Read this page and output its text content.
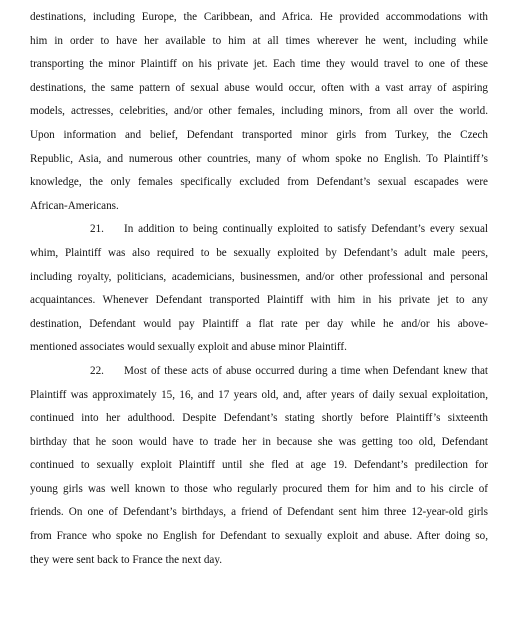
destinations, including Europe, the Caribbean, and Africa. He provided accommodations with
him in order to have her available to him at all times wherever he went, including while
transporting the minor Plaintiff on his private jet. Each time they would travel to one of these
destinations, the same pattern of sexual abuse would occur, often with a vast array of aspiring
models, actresses, celebrities, and/or other females, including minors, from all over the world.
Upon information and belief, Defendant transported minor girls from Turkey, the Czech
Republic, Asia, and numerous other countries, many of whom spoke no English. To Plaintiff’s
knowledge, the only females specifically excluded from Defendant’s sexual escapades were
African-Americans.
21. In addition to being continually exploited to satisfy Defendant’s every sexual
whim, Plaintiff was also required to be sexually exploited by Defendant’s adult male peers,
including royalty, politicians, academicians, businessmen, and/or other professional and personal
acquaintances. Whenever Defendant transported Plaintiff with him in his private jet to any
destination, Defendant would pay Plaintiff a flat rate per day while he and/or his above-
mentioned associates would sexually exploit and abuse minor Plaintiff.
22. Most of these acts of abuse occurred during a time when Defendant knew that
Plaintiff was approximately 15, 16, and 17 years old, and, after years of daily sexual exploitation,
continued into her adulthood. Despite Defendant’s stating shortly before Plaintiff’s sixteenth
birthday that he soon would have to trade her in because she was getting too old, Defendant
continued to sexually exploit Plaintiff until she fled at age 19. Defendant’s predilection for
young girls was well known to those who regularly procured them for him and to his circle of
friends. On one of Defendant’s birthdays, a friend of Defendant sent him three 12-year-old girls
from France who spoke no English for Defendant to sexually exploit and abuse. After doing so,
they were sent back to France the next day.
